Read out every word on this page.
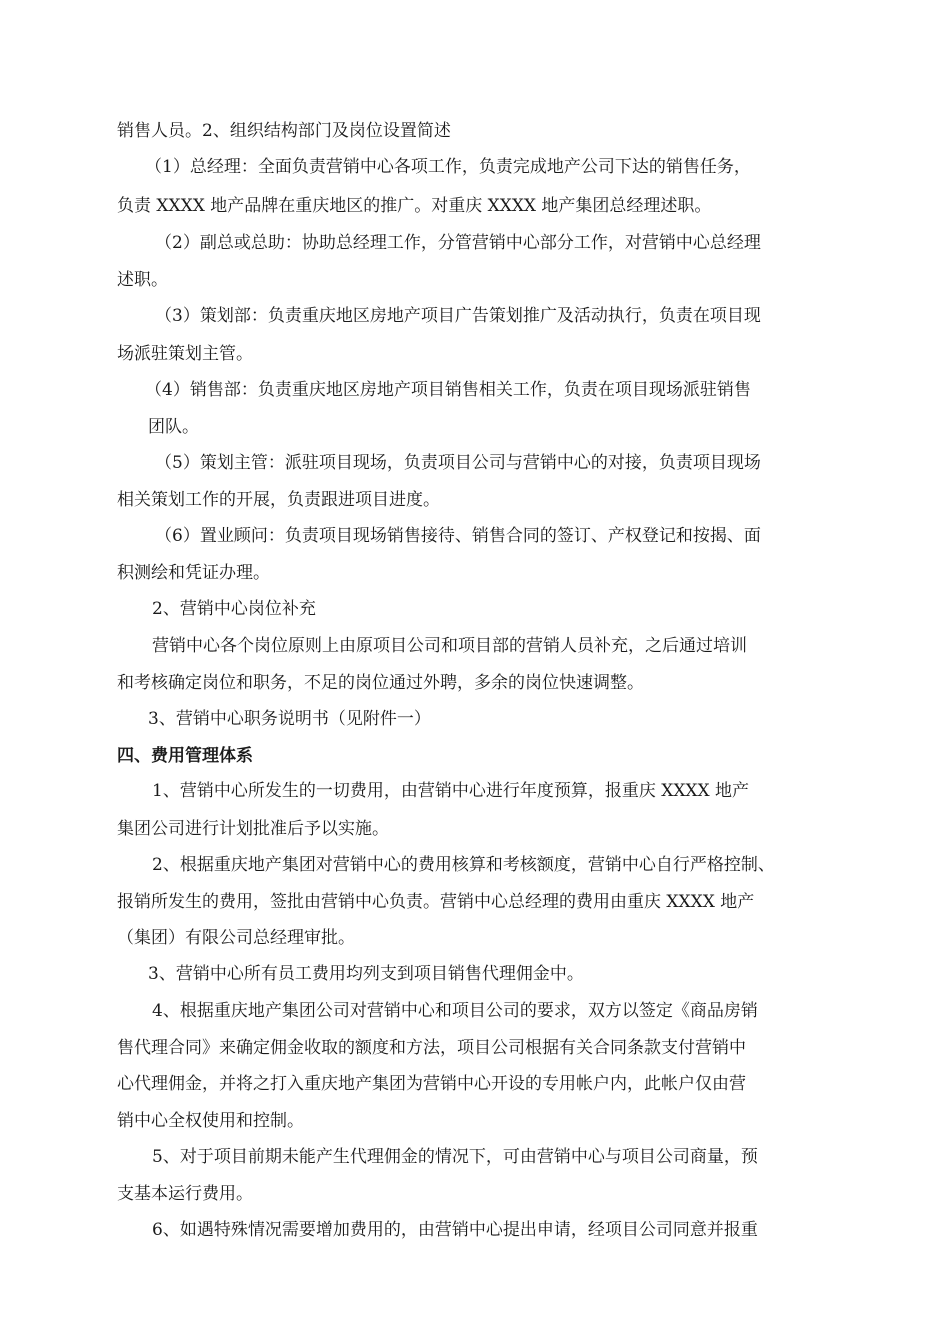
销售人员。2、组织结构部门及岗位设置简述
（1）总经理：全面负责营销中心各项工作，负责完成地产公司下达的销售任务，
负责 XXXX 地产品牌在重庆地区的推广。对重庆 XXXX 地产集团总经理述职。
（2）副总或总助：协助总经理工作，分管营销中心部分工作，对营销中心总经理
述职。
（3）策划部：负责重庆地区房地产项目广告策划推广及活动执行，负责在项目现
场派驻策划主管。
（4）销售部：负责重庆地区房地产项目销售相关工作，负责在项目现场派驻销售
团队。
（5）策划主管：派驻项目现场，负责项目公司与营销中心的对接，负责项目现场
相关策划工作的开展，负责跟进项目进度。
（6）置业顾问：负责项目现场销售接待、销售合同的签订、产权登记和按揭、面
积测绘和凭证办理。
2、营销中心岗位补充
营销中心各个岗位原则上由原项目公司和项目部的营销人员补充，之后通过培训
和考核确定岗位和职务，不足的岗位通过外聘，多余的岗位快速调整。
3、营销中心职务说明书（见附件一）
四、费用管理体系
1、营销中心所发生的一切费用，由营销中心进行年度预算，报重庆 XXXX 地产
集团公司进行计划批准后予以实施。
2、根据重庆地产集团对营销中心的费用核算和考核额度，营销中心自行严格控制、
报销所发生的费用，签批由营销中心负责。营销中心总经理的费用由重庆 XXXX 地产
（集团）有限公司总经理审批。
3、营销中心所有员工费用均列支到项目销售代理佣金中。
4、根据重庆地产集团公司对营销中心和项目公司的要求，双方以签定《商品房销
售代理合同》来确定佣金收取的额度和方法，项目公司根据有关合同条款支付营销中
心代理佣金，并将之打入重庆地产集团为营销中心开设的专用帐户内，此帐户仅由营
销中心全权使用和控制。
5、对于项目前期未能产生代理佣金的情况下，可由营销中心与项目公司商量，预
支基本运行费用。
6、如遇特殊情况需要增加费用的，由营销中心提出申请，经项目公司同意并报重
